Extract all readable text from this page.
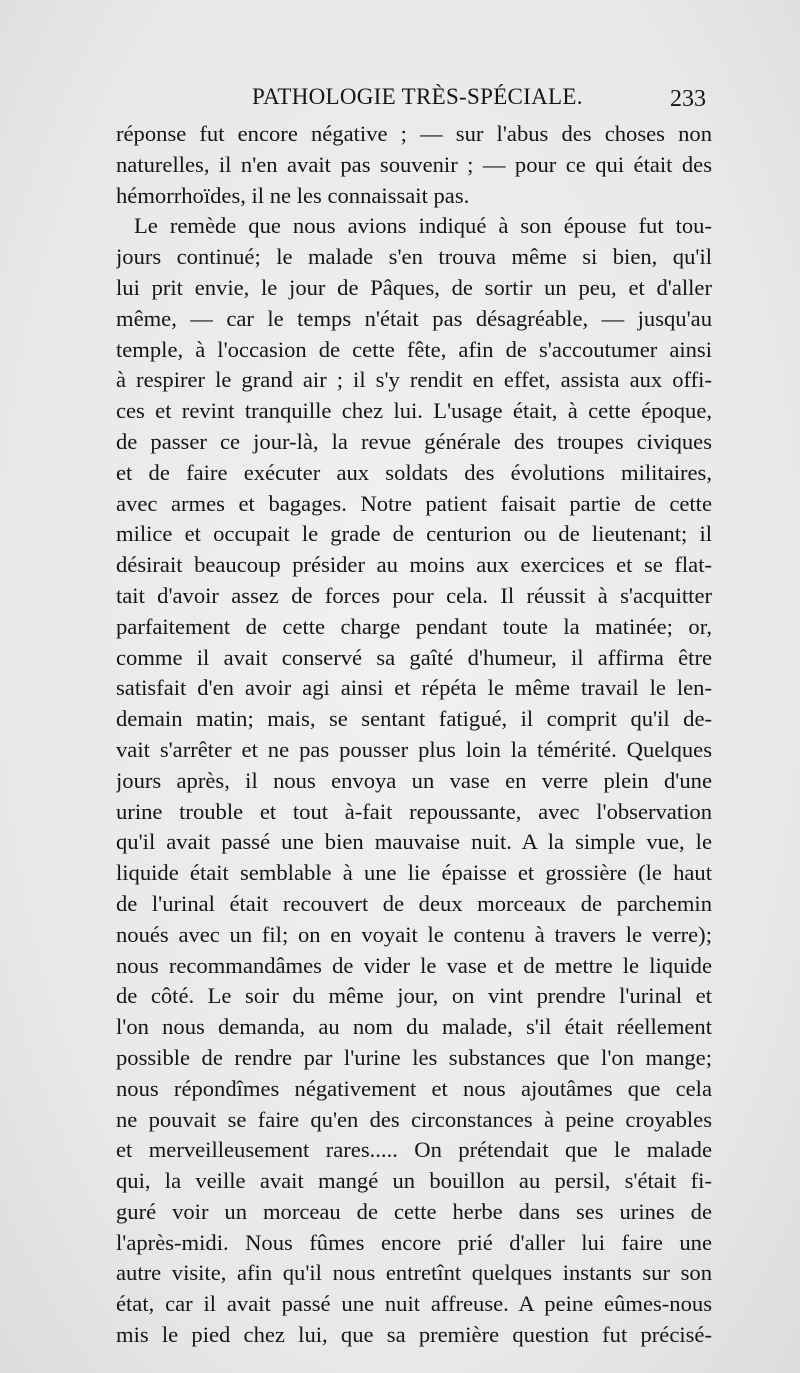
PATHOLOGIE TRÈS-SPÉCIALE.	233
réponse fut encore négative ; — sur l'abus des choses non
naturelles, il n'en avait pas souvenir ; — pour ce qui était des
hémorrhoïdes, il ne les connaissait pas.
Le remède que nous avions indiqué à son épouse fut tou-
jours continué; le malade s'en trouva même si bien, qu'il
lui prit envie, le jour de Pâques, de sortir un peu, et d'aller
même, — car le temps n'était pas désagréable, — jusqu'au
temple, à l'occasion de cette fête, afin de s'accoutumer ainsi
à respirer le grand air ; il s'y rendit en effet, assista aux offi-
ces et revint tranquille chez lui. L'usage était, à cette époque,
de passer ce jour-là, la revue générale des troupes civiques
et de faire exécuter aux soldats des évolutions militaires,
avec armes et bagages. Notre patient faisait partie de cette
milice et occupait le grade de centurion ou de lieutenant; il
désirait beaucoup présider au moins aux exercices et se flat-
tait d'avoir assez de forces pour cela. Il réussit à s'acquitter
parfaitement de cette charge pendant toute la matinée; or,
comme il avait conservé sa gaîté d'humeur, il affirma être
satisfait d'en avoir agi ainsi et répéta le même travail le len-
demain matin; mais, se sentant fatigué, il comprit qu'il de-
vait s'arrêter et ne pas pousser plus loin la témérité. Quelques
jours après, il nous envoya un vase en verre plein d'une
urine trouble et tout à-fait repoussante, avec l'observation
qu'il avait passé une bien mauvaise nuit. A la simple vue, le
liquide était semblable à une lie épaisse et grossière (le haut
de l'urinal était recouvert de deux morceaux de parchemin
noués avec un fil; on en voyait le contenu à travers le verre);
nous recommandâmes de vider le vase et de mettre le liquide
de côté. Le soir du même jour, on vint prendre l'urinal et
l'on nous demanda, au nom du malade, s'il était réellement
possible de rendre par l'urine les substances que l'on mange;
nous répondîmes négativement et nous ajoutâmes que cela
ne pouvait se faire qu'en des circonstances à peine croyables
et merveilleusement rares..... On prétendait que le malade
qui, la veille avait mangé un bouillon au persil, s'était fi-
guré voir un morceau de cette herbe dans ses urines de
l'après-midi. Nous fûmes encore prié d'aller lui faire une
autre visite, afin qu'il nous entretînt quelques instants sur son
état, car il avait passé une nuit affreuse. A peine eûmes-nous
mis le pied chez lui, que sa première question fut précisé-
